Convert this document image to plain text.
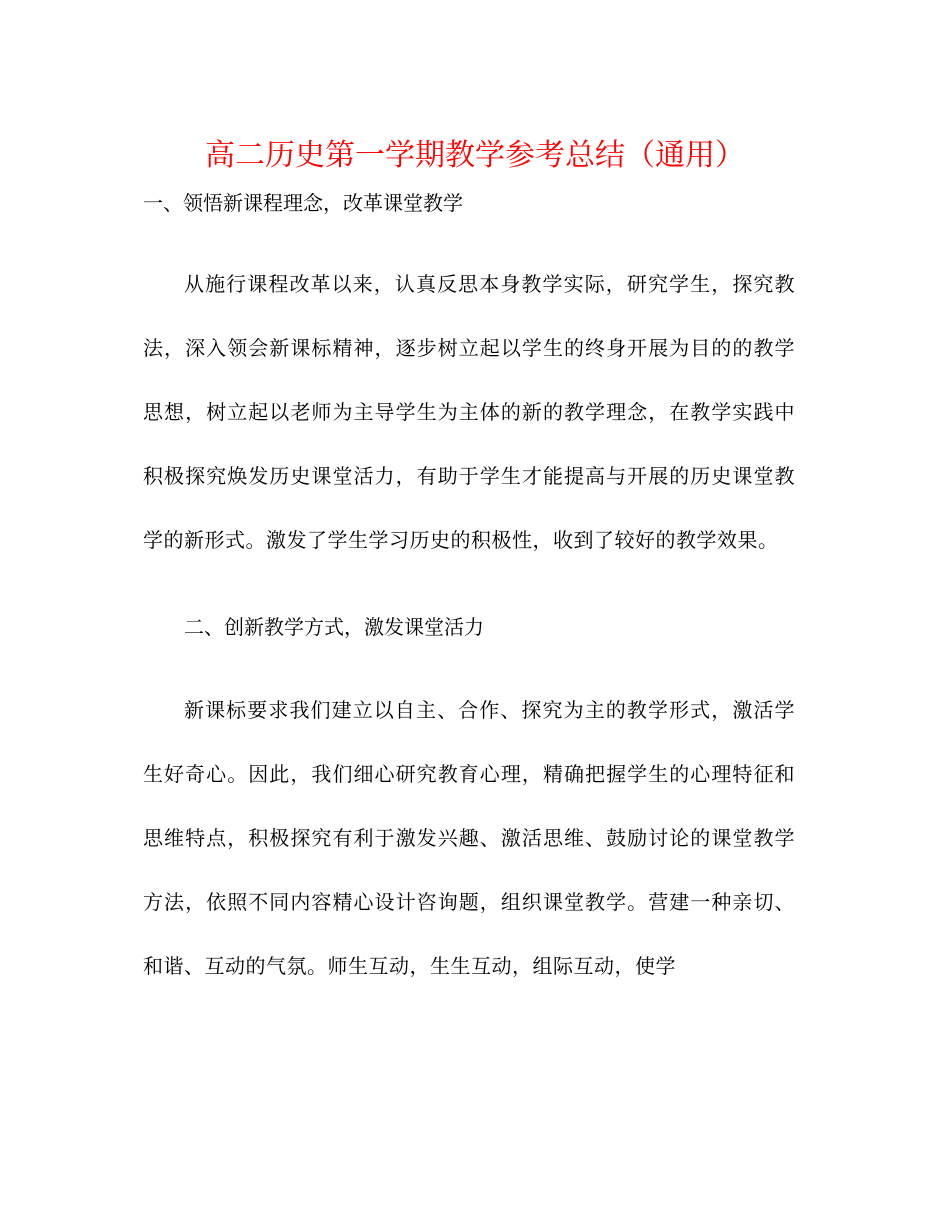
高二历史第一学期教学参考总结（通用）

一、领悟新课程理念，改革课堂教学

从施行课程改革以来，认真反思本身教学实际，研究学生，探究教法，深入领会新课标精神，逐步树立起以学生的终身开展为目的的教学思想，树立起以老师为主导学生为主体的新的教学理念，在教学实践中积极探究焕发历史课堂活力，有助于学生才能提高与开展的历史课堂教学的新形式。激发了学生学习历史的积极性，收到了较好的教学效果。

二、创新教学方式，激发课堂活力

新课标要求我们建立以自主、合作、探究为主的教学形式，激活学生好奇心。因此，我们细心研究教育心理，精确把握学生的心理特征和思维特点，积极探究有利于激发兴趣、激活思维、鼓励讨论的课堂教学方法，依照不同内容精心设计咨询题，组织课堂教学。营建一种亲切、和谐、互动的气氛。师生互动，生生互动，组际互动，使学
